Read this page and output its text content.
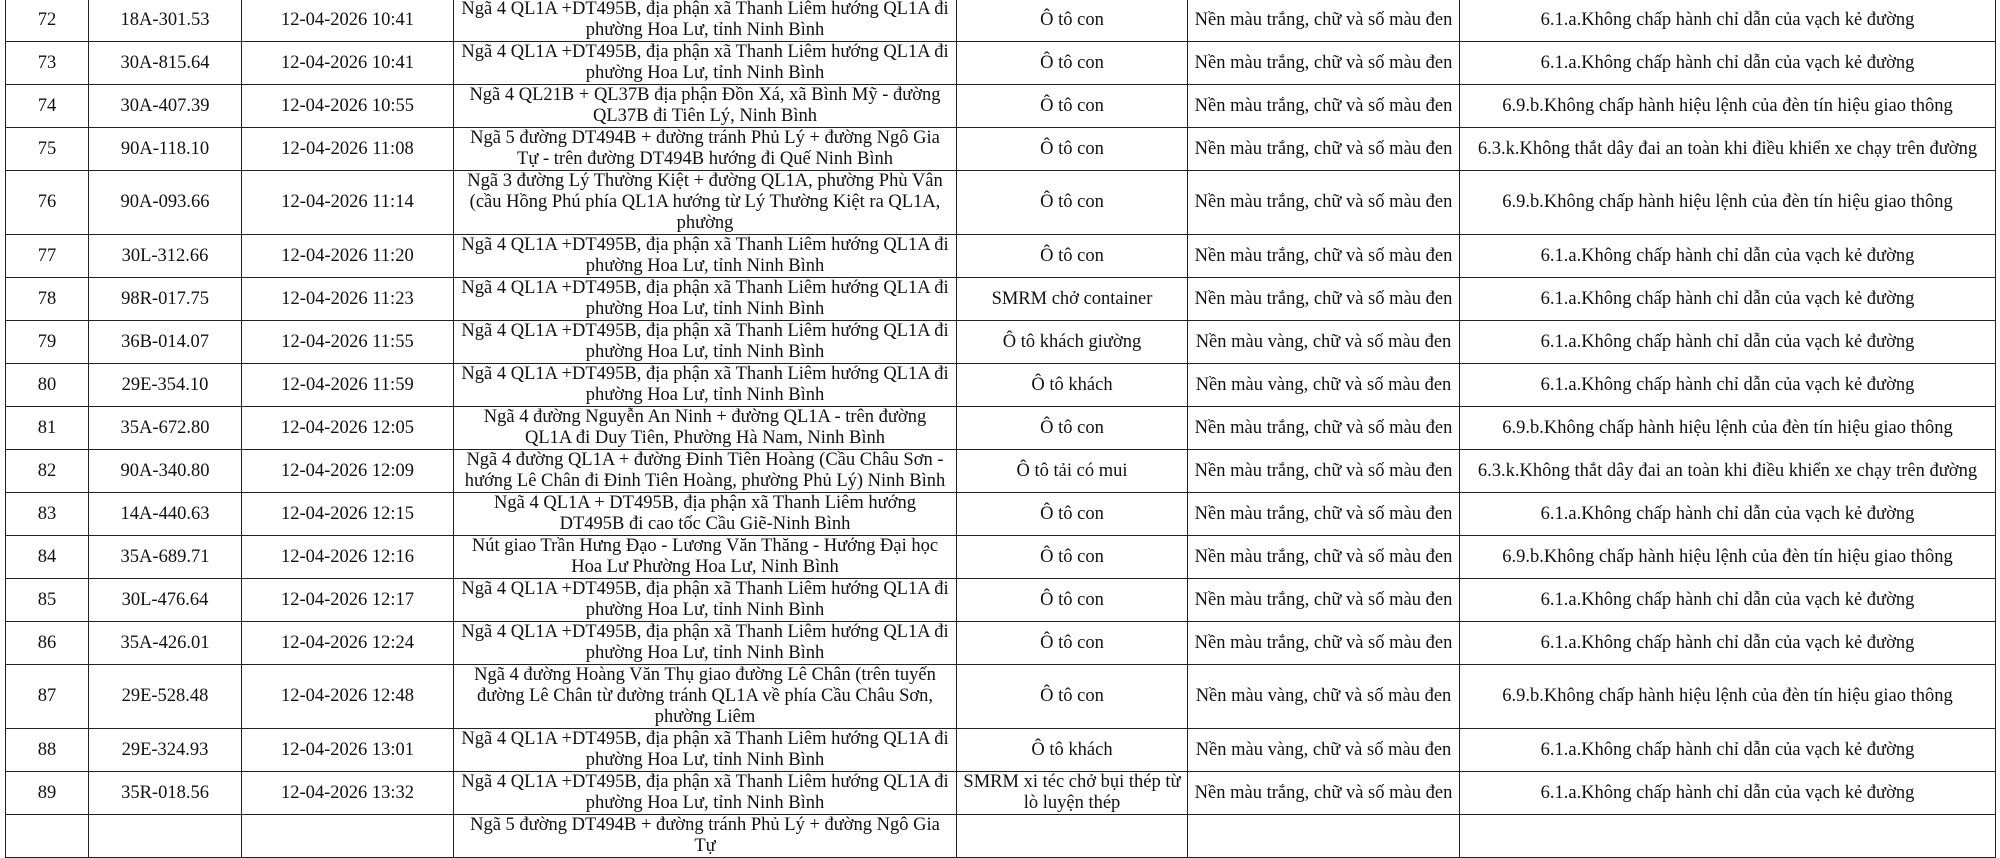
72	18A-301.53	12-04-2026 10:41	Ngã 4 QL1A +DT495B, địa phận xã Thanh Liêm hướng QL1A đi phường Hoa Lư, tỉnh Ninh Bình	Ô tô con	Nền màu trắng, chữ và số màu đen	6.1.a.Không chấp hành chỉ dẫn của vạch kẻ đường
73	30A-815.64	12-04-2026 10:41	Ngã 4 QL1A +DT495B, địa phận xã Thanh Liêm hướng QL1A đi phường Hoa Lư, tỉnh Ninh Bình	Ô tô con	Nền màu trắng, chữ và số màu đen	6.1.a.Không chấp hành chỉ dẫn của vạch kẻ đường
74	30A-407.39	12-04-2026 10:55	Ngã 4 QL21B + QL37B địa phận Đồn Xá, xã Bình Mỹ - đường QL37B đi Tiên Lý, Ninh Bình	Ô tô con	Nền màu trắng, chữ và số màu đen	6.9.b.Không chấp hành hiệu lệnh của đèn tín hiệu giao thông
75	90A-118.10	12-04-2026 11:08	Ngã 5 đường DT494B + đường tránh Phủ Lý + đường Ngô Gia Tự - trên đường DT494B hướng đi Quế Ninh Bình	Ô tô con	Nền màu trắng, chữ và số màu đen	6.3.k.Không thắt dây đai an toàn khi điều khiển xe chạy trên đường
76	90A-093.66	12-04-2026 11:14	Ngã 3 đường Lý Thường Kiệt + đường QL1A, phường Phù Vân (cầu Hồng Phú phía QL1A hướng từ Lý Thường Kiệt ra QL1A, phường	Ô tô con	Nền màu trắng, chữ và số màu đen	6.9.b.Không chấp hành hiệu lệnh của đèn tín hiệu giao thông
77	30L-312.66	12-04-2026 11:20	Ngã 4 QL1A +DT495B, địa phận xã Thanh Liêm hướng QL1A đi phường Hoa Lư, tỉnh Ninh Bình	Ô tô con	Nền màu trắng, chữ và số màu đen	6.1.a.Không chấp hành chỉ dẫn của vạch kẻ đường
78	98R-017.75	12-04-2026 11:23	Ngã 4 QL1A +DT495B, địa phận xã Thanh Liêm hướng QL1A đi phường Hoa Lư, tỉnh Ninh Bình	SMRM chở container	Nền màu trắng, chữ và số màu đen	6.1.a.Không chấp hành chỉ dẫn của vạch kẻ đường
79	36B-014.07	12-04-2026 11:55	Ngã 4 QL1A +DT495B, địa phận xã Thanh Liêm hướng QL1A đi phường Hoa Lư, tỉnh Ninh Bình	Ô tô khách giường	Nền màu vàng, chữ và số màu đen	6.1.a.Không chấp hành chỉ dẫn của vạch kẻ đường
80	29E-354.10	12-04-2026 11:59	Ngã 4 QL1A +DT495B, địa phận xã Thanh Liêm hướng QL1A đi phường Hoa Lư, tỉnh Ninh Bình	Ô tô khách	Nền màu vàng, chữ và số màu đen	6.1.a.Không chấp hành chỉ dẫn của vạch kẻ đường
81	35A-672.80	12-04-2026 12:05	Ngã 4 đường Nguyễn An Ninh + đường QL1A - trên đường QL1A đi Duy Tiên, Phường Hà Nam, Ninh Bình	Ô tô con	Nền màu trắng, chữ và số màu đen	6.9.b.Không chấp hành hiệu lệnh của đèn tín hiệu giao thông
82	90A-340.80	12-04-2026 12:09	Ngã 4 đường QL1A + đường Đinh Tiên Hoàng (Cầu Châu Sơn - hướng Lê Chân đi Đinh Tiên Hoàng, phường Phủ Lý) Ninh Bình	Ô tô tải có mui	Nền màu trắng, chữ và số màu đen	6.3.k.Không thắt dây đai an toàn khi điều khiển xe chạy trên đường
83	14A-440.63	12-04-2026 12:15	Ngã 4 QL1A + DT495B, địa phận xã Thanh Liêm hướng DT495B đi cao tốc Cầu Giẽ-Ninh Bình	Ô tô con	Nền màu trắng, chữ và số màu đen	6.1.a.Không chấp hành chỉ dẫn của vạch kẻ đường
84	35A-689.71	12-04-2026 12:16	Nút giao Trần Hưng Đạo - Lương Văn Thăng - Hướng Đại học Hoa Lư Phường Hoa Lư, Ninh Bình	Ô tô con	Nền màu trắng, chữ và số màu đen	6.9.b.Không chấp hành hiệu lệnh của đèn tín hiệu giao thông
85	30L-476.64	12-04-2026 12:17	Ngã 4 QL1A +DT495B, địa phận xã Thanh Liêm hướng QL1A đi phường Hoa Lư, tỉnh Ninh Bình	Ô tô con	Nền màu trắng, chữ và số màu đen	6.1.a.Không chấp hành chỉ dẫn của vạch kẻ đường
86	35A-426.01	12-04-2026 12:24	Ngã 4 QL1A +DT495B, địa phận xã Thanh Liêm hướng QL1A đi phường Hoa Lư, tỉnh Ninh Bình	Ô tô con	Nền màu trắng, chữ và số màu đen	6.1.a.Không chấp hành chỉ dẫn của vạch kẻ đường
87	29E-528.48	12-04-2026 12:48	Ngã 4 đường Hoàng Văn Thụ giao đường Lê Chân (trên tuyến đường Lê Chân từ đường tránh QL1A về phía Cầu Châu Sơn, phường Liêm	Ô tô con	Nền màu vàng, chữ và số màu đen	6.9.b.Không chấp hành hiệu lệnh của đèn tín hiệu giao thông
88	29E-324.93	12-04-2026 13:01	Ngã 4 QL1A +DT495B, địa phận xã Thanh Liêm hướng QL1A đi phường Hoa Lư, tỉnh Ninh Bình	Ô tô khách	Nền màu vàng, chữ và số màu đen	6.1.a.Không chấp hành chỉ dẫn của vạch kẻ đường
89	35R-018.56	12-04-2026 13:32	Ngã 4 QL1A +DT495B, địa phận xã Thanh Liêm hướng QL1A đi phường Hoa Lư, tỉnh Ninh Bình	SMRM xi téc chở bụi thép từ lò luyện thép	Nền màu trắng, chữ và số màu đen	6.1.a.Không chấp hành chỉ dẫn của vạch kẻ đường
			Ngã 5 đường DT494B + đường tránh Phủ Lý + đường Ngô Gia Tự			
